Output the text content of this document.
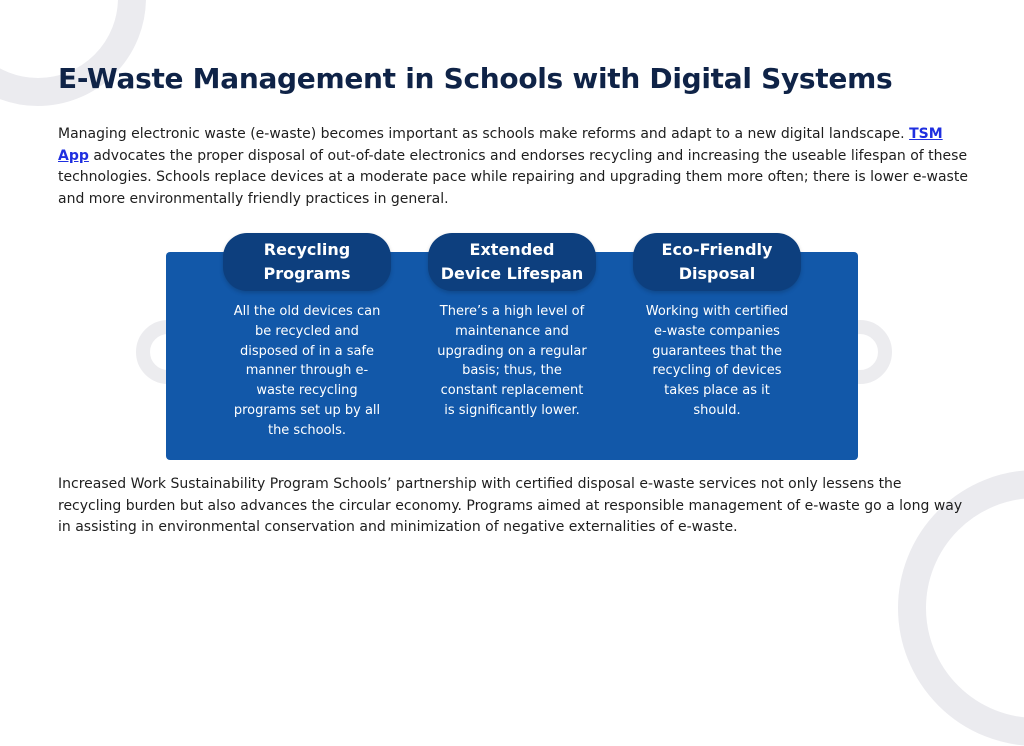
E-Waste Management in Schools with Digital Systems

Managing electronic waste (e-waste) becomes important as schools make reforms and adapt to a new digital landscape. TSM App advocates the proper disposal of out-of-date electronics and endorses recycling and increasing the useable lifespan of these technologies. Schools replace devices at a moderate pace while repairing and upgrading them more often; there is lower e-waste and more environmentally friendly practices in general.

Recycling Programs
Extended Device Lifespan
Eco-Friendly Disposal

All the old devices can be recycled and disposed of in a safe manner through e-waste recycling programs set up by all the schools.

There’s a high level of maintenance and upgrading on a regular basis; thus, the constant replacement is significantly lower.

Working with certified e-waste companies guarantees that the recycling of devices takes place as it should.

Increased Work Sustainability Program Schools’ partnership with certified disposal e-waste services not only lessens the recycling burden but also advances the circular economy. Programs aimed at responsible management of e-waste go a long way in assisting in environmental conservation and minimization of negative externalities of e-waste.
